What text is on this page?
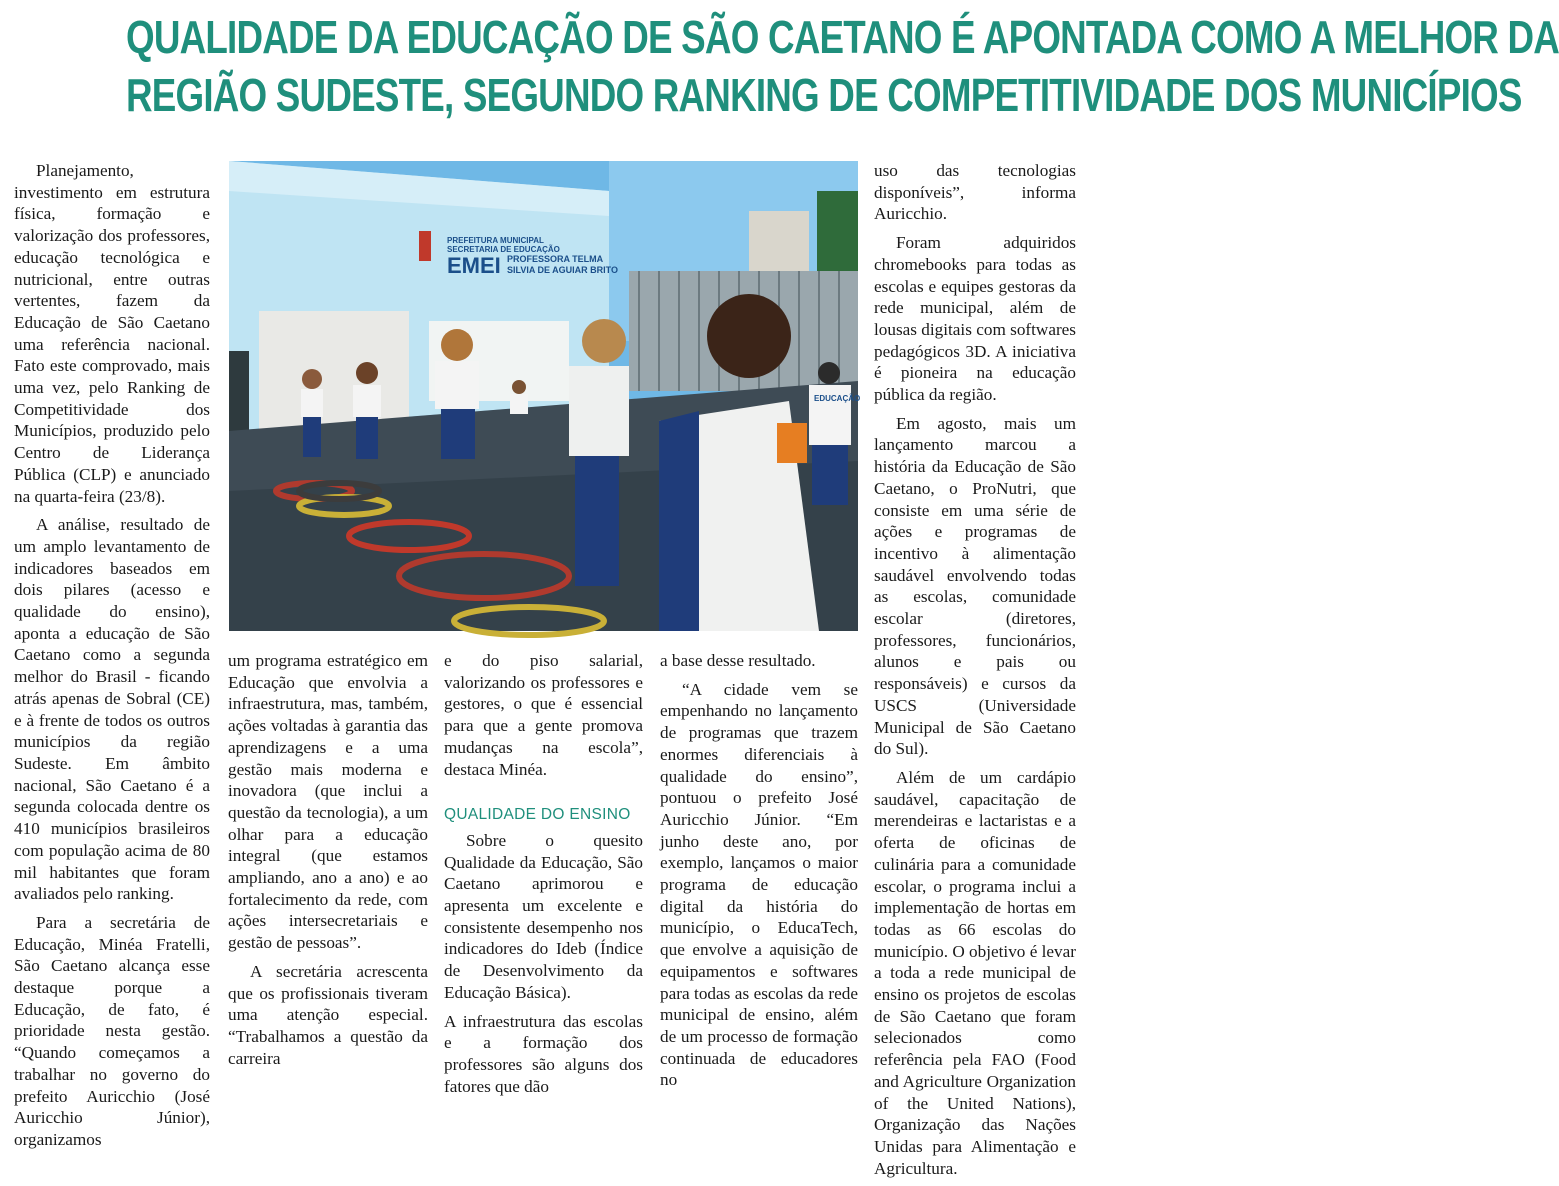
QUALIDADE DA EDUCAÇÃO DE SÃO CAETANO É APONTADA COMO A MELHOR DA
REGIÃO SUDESTE, SEGUNDO RANKING DE COMPETITIVIDADE DOS MUNICÍPIOS
PREFEITURA MUNICIPAL
SECRETARIA DE EDUCAÇÃO
EMEI PROFESSORA TELMA
SILVIA DE AGUIAR BRITO
EDUCAÇÃO

Planejamento, investimento em estrutura física, formação e valorização dos professores, educação tecnológica e nutricional, entre outras vertentes, fazem da Educação de São Caetano uma referência nacional. Fato este comprovado, mais uma vez, pelo Ranking de Competitividade dos Municípios, produzido pelo Centro de Liderança Pública (CLP) e anunciado na quarta-feira (23/8).

A análise, resultado de um amplo levantamento de indicadores baseados em dois pilares (acesso e qualidade do ensino), aponta a educação de São Caetano como a segunda melhor do Brasil - ficando atrás apenas de Sobral (CE) e à frente de todos os outros municípios da região Sudeste. Em âmbito nacional, São Caetano é a segunda colocada dentre os 410 municípios brasileiros com população acima de 80 mil habitantes que foram avaliados pelo ranking.

Para a secretária de Educação, Minéa Fratelli, São Caetano alcança esse destaque porque a Educação, de fato, é prioridade nesta gestão. “Quando começamos a trabalhar no governo do prefeito Auricchio (José Auricchio Júnior), organizamos

um programa estratégico em Educação que envolvia a infraestrutura, mas, também, ações voltadas à garantia das aprendizagens e a uma gestão mais moderna e inovadora (que inclui a questão da tecnologia), a um olhar para a educação integral (que estamos ampliando, ano a ano) e ao fortalecimento da rede, com ações intersecretariais e gestão de pessoas”.

A secretária acrescenta que os profissionais tiveram uma atenção especial. “Trabalhamos a questão da carreira

e do piso salarial, valorizando os professores e gestores, o que é essencial para que a gente promova mudanças na escola”, destaca Minéa.

QUALIDADE DO ENSINO

Sobre o quesito Qualidade da Educação, São Caetano aprimorou e apresenta um excelente e consistente desempenho nos indicadores do Ideb (Índice de Desenvolvimento da Educação Básica).

A infraestrutura das escolas e a formação dos professores são alguns dos fatores que dão

a base desse resultado.

“A cidade vem se empenhando no lançamento de programas que trazem enormes diferenciais à qualidade do ensino”, pontuou o prefeito José Auricchio Júnior. “Em junho deste ano, por exemplo, lançamos o maior programa de educação digital da história do município, o EducaTech, que envolve a aquisição de equipamentos e softwares para todas as escolas da rede municipal de ensino, além de um processo de formação continuada de educadores no

uso das tecnologias disponíveis”, informa Auricchio.

Foram adquiridos chromebooks para todas as escolas e equipes gestoras da rede municipal, além de lousas digitais com softwares pedagógicos 3D. A iniciativa é pioneira na educação pública da região.

Em agosto, mais um lançamento marcou a história da Educação de São Caetano, o ProNutri, que consiste em uma série de ações e programas de incentivo à alimentação saudável envolvendo todas as escolas, comunidade escolar (diretores, professores, funcionários, alunos e pais ou responsáveis) e cursos da USCS (Universidade Municipal de São Caetano do Sul).

Além de um cardápio saudável, capacitação de merendeiras e lactaristas e a oferta de oficinas de culinária para a comunidade escolar, o programa inclui a implementação de hortas em todas as 66 escolas do município. O objetivo é levar a toda a rede municipal de ensino os projetos de escolas de São Caetano que foram selecionados como referência pela FAO (Food and Agriculture Organization of the United Nations), Organização das Nações Unidas para Alimentação e Agricultura.
